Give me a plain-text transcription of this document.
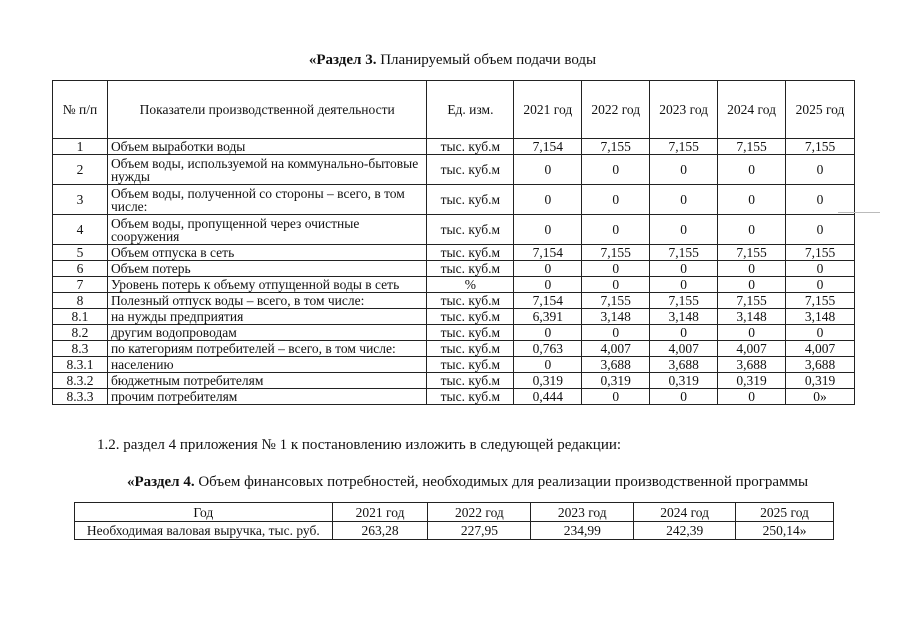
«Раздел 3. Планируемый объем подачи воды
№ п/п	Показатели производственной деятельности	Ед. изм.	2021 год	2022 год	2023 год	2024 год	2025 год
1	Объем выработки воды	тыс. куб.м	7,154	7,155	7,155	7,155	7,155
2	Объем воды, используемой на коммунально-бытовые нужды	тыс. куб.м	0	0	0	0	0
3	Объем воды, полученной со стороны – всего, в том числе:	тыс. куб.м	0	0	0	0	0
4	Объем воды, пропущенной через очистные сооружения	тыс. куб.м	0	0	0	0	0
5	Объем отпуска в сеть	тыс. куб.м	7,154	7,155	7,155	7,155	7,155
6	Объем потерь	тыс. куб.м	0	0	0	0	0
7	Уровень потерь к объему отпущенной воды в сеть	%	0	0	0	0	0
8	Полезный отпуск воды – всего, в том числе:	тыс. куб.м	7,154	7,155	7,155	7,155	7,155
8.1	на нужды предприятия	тыс. куб.м	6,391	3,148	3,148	3,148	3,148
8.2	другим водопроводам	тыс. куб.м	0	0	0	0	0
8.3	по категориям потребителей – всего, в том числе:	тыс. куб.м	0,763	4,007	4,007	4,007	4,007
8.3.1	населению	тыс. куб.м	0	3,688	3,688	3,688	3,688
8.3.2	бюджетным потребителям	тыс. куб.м	0,319	0,319	0,319	0,319	0,319
8.3.3	прочим потребителям	тыс. куб.м	0,444	0	0	0	0»
1.2. раздел 4 приложения № 1 к постановлению изложить в следующей редакции:
«Раздел 4. Объем финансовых потребностей, необходимых для реализации производственной программы
Год	2021 год	2022 год	2023 год	2024 год	2025 год
Необходимая валовая выручка, тыс. руб.	263,28	227,95	234,99	242,39	250,14»
